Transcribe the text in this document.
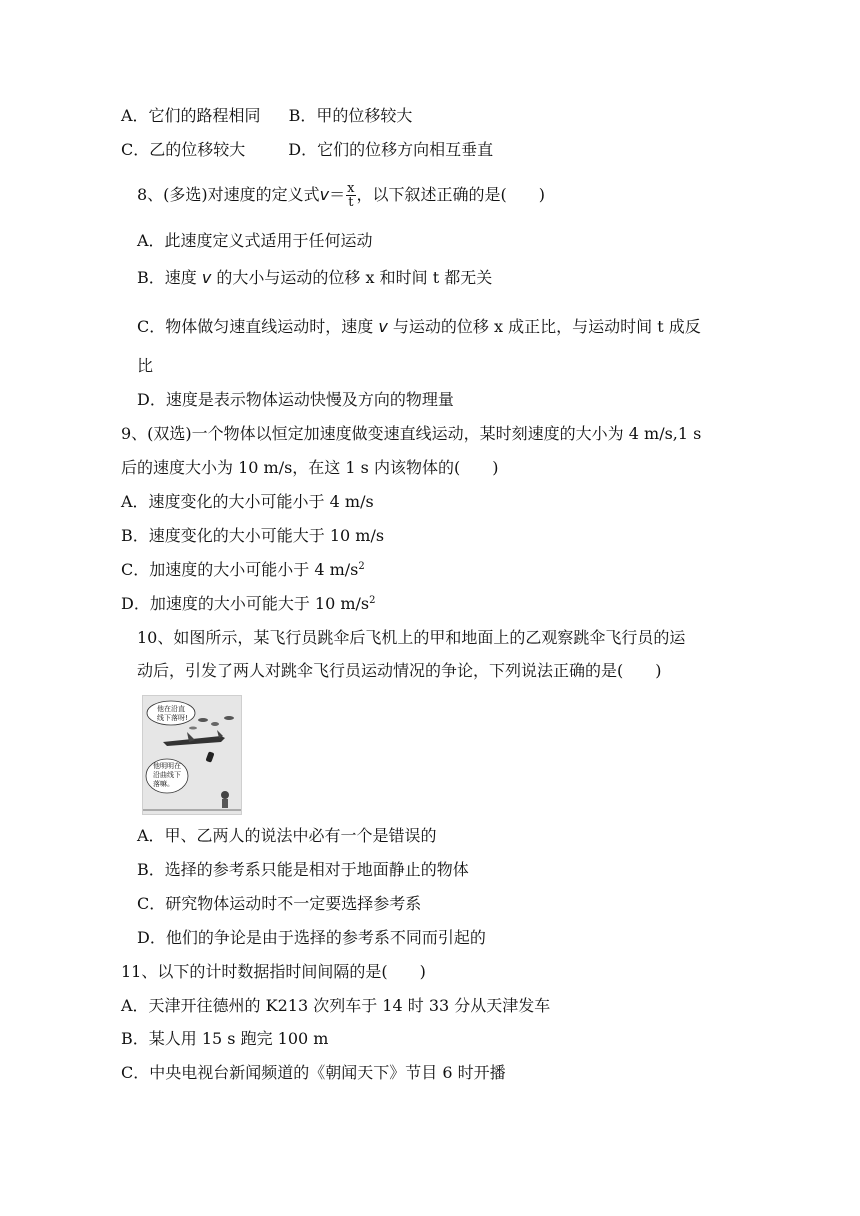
A．它们的路程相同 B．甲的位移较大
C．乙的位移较大	D．它们的位移方向相互垂直
8、(多选)对速度的定义式$v= \frac{x}{t}$ ，以下叙述正确的是(　　)
A．此速度定义式适用于任何运动
B．速度 v 的大小与运动的位移 x 和时间 t 都无关
C．物体做匀速直线运动时，速度 v 与运动的位移 x 成正比，与运动时间 t 成反
比
D．速度是表示物体运动快慢及方向的物理量
9、(双选)一个物体以恒定加速度做变速直线运动，某时刻速度的大小为 4 m/s,1 s
后的速度大小为 10 m/s，在这 1 s 内该物体的(　　)
A．速度变化的大小可能小于 4 m/s
B．速度变化的大小可能大于 10 m/s
C．加速度的大小可能小于 4 $m/s^2$
D．加速度的大小可能大于 10 $m/s^2$
10、如图所示，某飞行员跳伞后飞机上的甲和地面上的乙观察跳伞飞行员的运
动后，引发了两人对跳伞飞行员运动情况的争论，下列说法正确的是(　　)
他在沿直
线下落呀!
他明明在
沿曲线下
落嘛。
A．甲、乙两人的说法中必有一个是错误的
B．选择的参考系只能是相对于地面静止的物体
C．研究物体运动时不一定要选择参考系
D．他们的争论是由于选择的参考系不同而引起的
11、以下的计时数据指时间间隔的是(　　)
A．天津开往德州的 K213 次列车于 14 时 33 分从天津发车
B．某人用 15 s 跑完 100 m
C．中央电视台新闻频道的《朝闻天下》节目 6 时开播
